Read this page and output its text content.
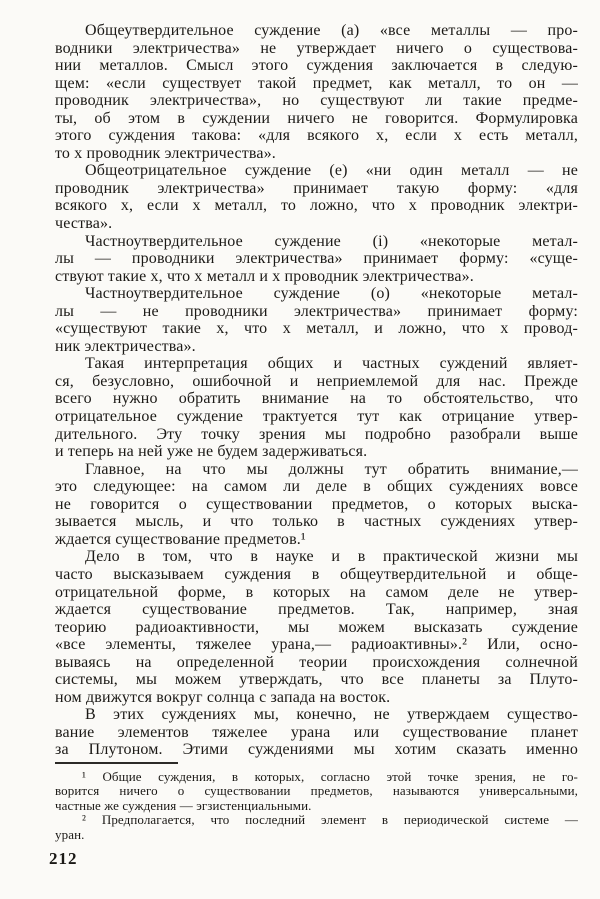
Общеутвердительное суждение (а) «все металлы — про-
водники электричества» не утверждает ничего о существова-
нии металлов. Смысл этого суждения заключается в следую-
щем: «если существует такой предмет, как металл, то он —
проводник электричества», но существуют ли такие предме-
ты, об этом в суждении ничего не говорится. Формулировка
этого суждения такова: «для всякого х, если х есть металл,
то х проводник электричества».
Общеотрицательное суждение (е) «ни один металл — не
проводник электричества» принимает такую форму: «для
всякого х, если х металл, то ложно, что х проводник электри-
чества».
Частноутвердительное суждение (i) «некоторые метал-
лы — проводники электричества» принимает форму: «суще-
ствуют такие х, что х металл и х проводник электричества».
Частноутвердительное суждение (о) «некоторые метал-
лы — не проводники электричества» принимает форму:
«существуют такие х, что х металл, и ложно, что х провод-
ник электричества».
Такая интерпретация общих и частных суждений являет-
ся, безусловно, ошибочной и неприемлемой для нас. Прежде
всего нужно обратить внимание на то обстоятельство, что
отрицательное суждение трактуется тут как отрицание утвер-
дительного. Эту точку зрения мы подробно разобрали выше
и теперь на ней уже не будем задерживаться.
Главное, на что мы должны тут обратить внимание,—
это следующее: на самом ли деле в общих суждениях вовсе
не говорится о существовании предметов, о которых выска-
зывается мысль, и что только в частных суждениях утвер-
ждается существование предметов.¹
Дело в том, что в науке и в практической жизни мы
часто высказываем суждения в общеутвердительной и обще-
отрицательной форме, в которых на самом деле не утвер-
ждается существование предметов. Так, например, зная
теорию радиоактивности, мы можем высказать суждение
«все элементы, тяжелее урана,— радиоактивны».² Или, осно-
вываясь на определенной теории происхождения солнечной
системы, мы можем утверждать, что все планеты за Плуто-
ном движутся вокруг солнца с запада на восток.
В этих суждениях мы, конечно, не утверждаем существо-
вание элементов тяжелее урана или существование планет
за Плутоном. Этими суждениями мы хотим сказать именно
¹ Общие суждения, в которых, согласно этой точке зрения, не го-
ворится ничего о существовании предметов, называются универсальными,
частные же суждения — эгзистенциальными.
² Предполагается, что последний элемент в периодической системе —
уран.
212
